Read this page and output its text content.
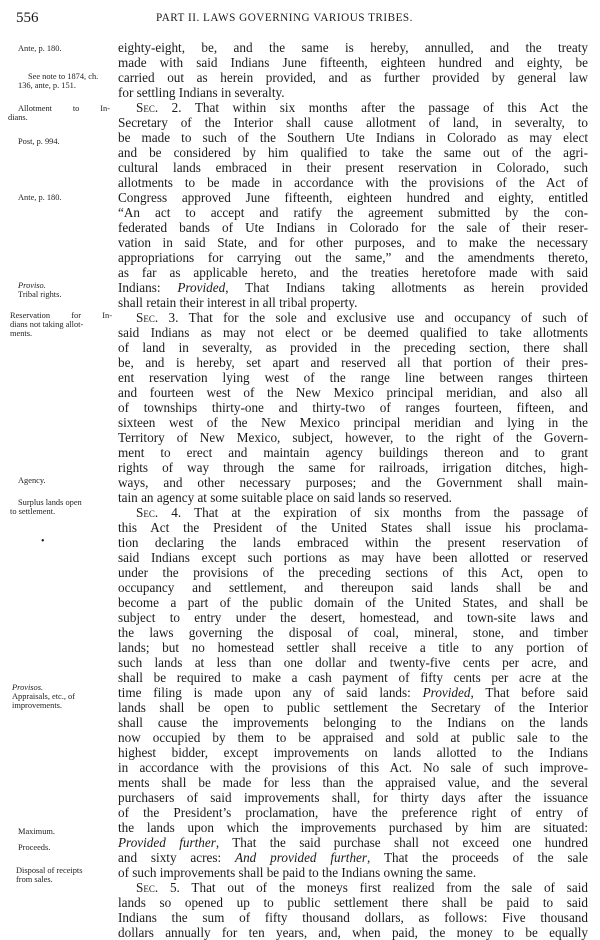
556	PART II. LAWS GOVERNING VARIOUS TRIBES.
Ante, p. 180.
See note to 1874, ch.
136, ante, p. 151.
Allotment to In-
dians.
Post, p. 994.
Ante, p. 180.
Proviso.
Tribal rights.
Reservation for In-
dians not taking allot-
ments.
Agency.
Surplus lands open
to settlement.
•
Provisos.
Appraisals, etc., of
improvements.
Maximum.
Proceeds.
Disposal of receipts
from sales.
eighty-eight, be, and the same is hereby, annulled, and the treaty
made with said Indians June fifteenth, eighteen hundred and eighty, be
carried out as herein provided, and as further provided by general law
for settling Indians in severalty.
Sec. 2. That within six months after the passage of this Act the
Secretary of the Interior shall cause allotment of land, in severalty, to
be made to such of the Southern Ute Indians in Colorado as may elect
and be considered by him qualified to take the same out of the agri-
cultural lands embraced in their present reservation in Colorado, such
allotments to be made in accordance with the provisions of the Act of
Congress approved June fifteenth, eighteen hundred and eighty, entitled
“An act to accept and ratify the agreement submitted by the con-
federated bands of Ute Indians in Colorado for the sale of their reser-
vation in said State, and for other purposes, and to make the necessary
appropriations for carrying out the same,” and the amendments thereto,
as far as applicable hereto, and the treaties heretofore made with said
Indians: Provided, That Indians taking allotments as herein provided
shall retain their interest in all tribal property.
Sec. 3. That for the sole and exclusive use and occupancy of such of
said Indians as may not elect or be deemed qualified to take allotments
of land in severalty, as provided in the preceding section, there shall
be, and is hereby, set apart and reserved all that portion of their pres-
ent reservation lying west of the range line between ranges thirteen
and fourteen west of the New Mexico principal meridian, and also all
of townships thirty-one and thirty-two of ranges fourteen, fifteen, and
sixteen west of the New Mexico principal meridian and lying in the
Territory of New Mexico, subject, however, to the right of the Govern-
ment to erect and maintain agency buildings thereon and to grant
rights of way through the same for railroads, irrigation ditches, high-
ways, and other necessary purposes; and the Government shall main-
tain an agency at some suitable place on said lands so reserved.
Sec. 4. That at the expiration of six months from the passage of
this Act the President of the United States shall issue his proclama-
tion declaring the lands embraced within the present reservation of
said Indians except such portions as may have been allotted or reserved
under the provisions of the preceding sections of this Act, open to
occupancy and settlement, and thereupon said lands shall be and
become a part of the public domain of the United States, and shall be
subject to entry under the desert, homestead, and town-site laws and
the laws governing the disposal of coal, mineral, stone, and timber
lands; but no homestead settler shall receive a title to any portion of
such lands at less than one dollar and twenty-five cents per acre, and
shall be required to make a cash payment of fifty cents per acre at the
time filing is made upon any of said lands: Provided, That before said
lands shall be open to public settlement the Secretary of the Interior
shall cause the improvements belonging to the Indians on the lands
now occupied by them to be appraised and sold at public sale to the
highest bidder, except improvements on lands allotted to the Indians
in accordance with the provisions of this Act. No sale of such improve-
ments shall be made for less than the appraised value, and the several
purchasers of said improvements shall, for thirty days after the issuance
of the President’s proclamation, have the preference right of entry of
the lands upon which the improvements purchased by him are situated:
Provided further, That the said purchase shall not exceed one hundred
and sixty acres: And provided further, That the proceeds of the sale
of such improvements shall be paid to the Indians owning the same.
Sec. 5. That out of the moneys first realized from the sale of said
lands so opened up to public settlement there shall be paid to said
Indians the sum of fifty thousand dollars, as follows: Five thousand
dollars annually for ten years, and, when paid, the money to be equally
